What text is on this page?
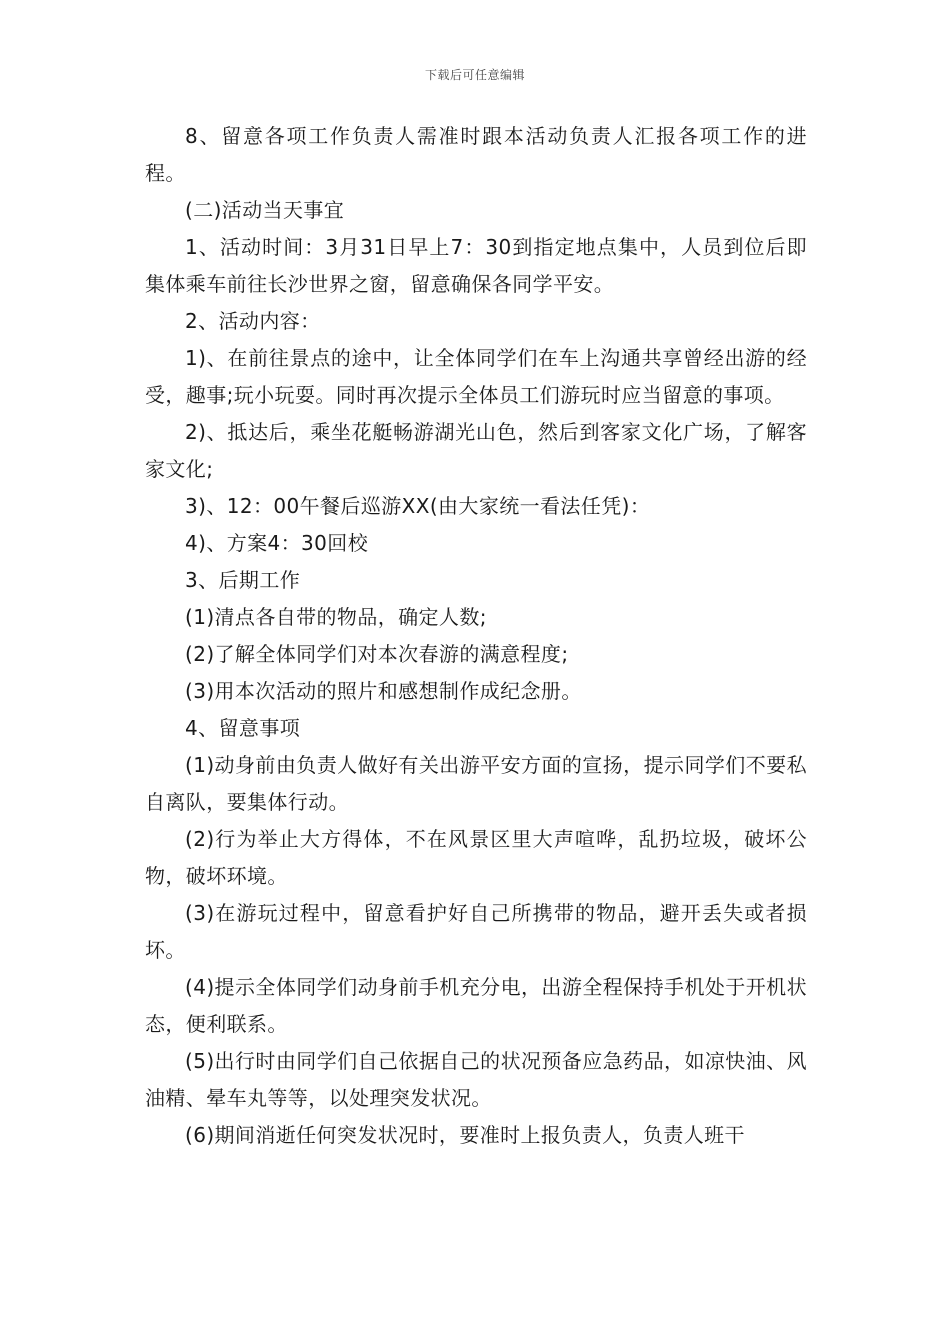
下载后可任意编辑

8、留意各项工作负责人需准时跟本活动负责人汇报各项工作的进程。

(二)活动当天事宜

1、活动时间：3月31日早上7：30到指定地点集中，人员到位后即集体乘车前往长沙世界之窗，留意确保各同学平安。

2、活动内容：

1)、在前往景点的途中，让全体同学们在车上沟通共享曾经出游的经受，趣事;玩小玩耍。同时再次提示全体员工们游玩时应当留意的事项。

2)、抵达后，乘坐花艇畅游湖光山色，然后到客家文化广场，了解客家文化;

3)、12：00午餐后巡游XX(由大家统一看法任凭)：

4)、方案4：30回校

3、后期工作

(1)清点各自带的物品，确定人数;

(2)了解全体同学们对本次春游的满意程度;

(3)用本次活动的照片和感想制作成纪念册。

4、留意事项

(1)动身前由负责人做好有关出游平安方面的宣扬，提示同学们不要私自离队，要集体行动。

(2)行为举止大方得体，不在风景区里大声喧哗，乱扔垃圾，破坏公物，破坏环境。

(3)在游玩过程中，留意看护好自己所携带的物品，避开丢失或者损坏。

(4)提示全体同学们动身前手机充分电，出游全程保持手机处于开机状态，便利联系。

(5)出行时由同学们自己依据自己的状况预备应急药品，如凉快油、风油精、晕车丸等等，以处理突发状况。

(6)期间消逝任何突发状况时，要准时上报负责人，负责人班干
